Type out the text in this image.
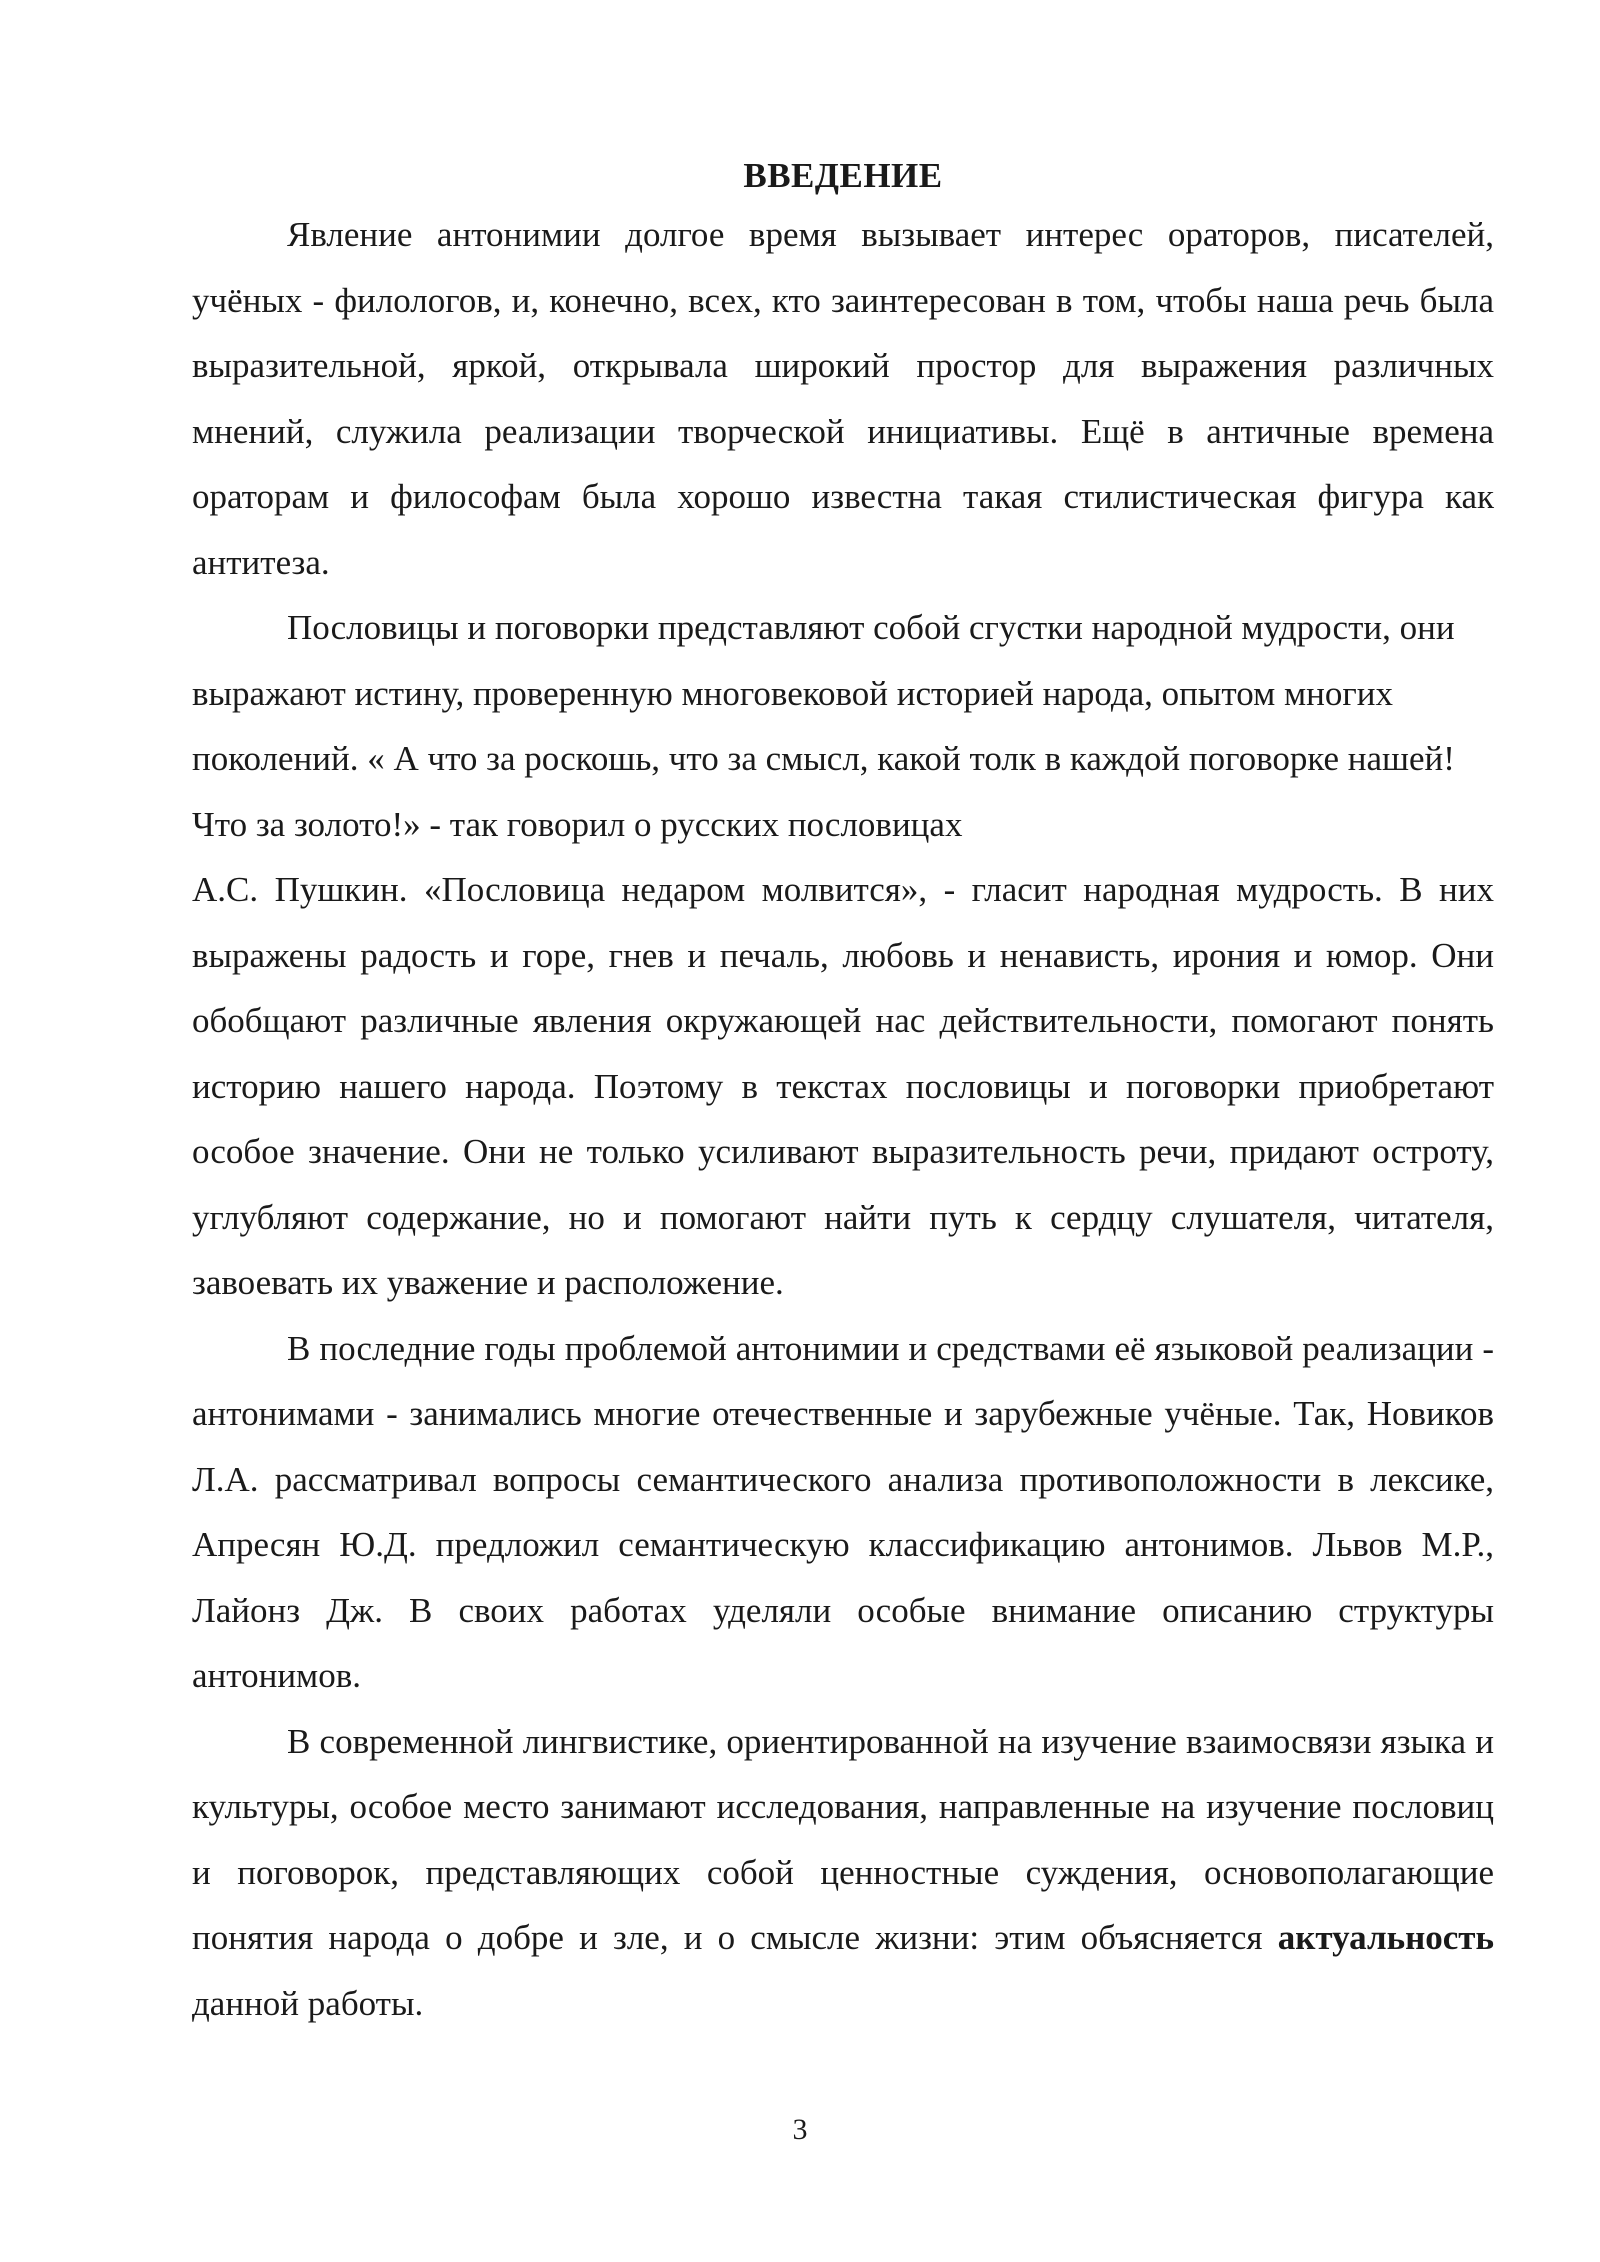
ВВЕДЕНИЕ

Явление антонимии долгое время вызывает интерес ораторов, писателей, учёных - филологов, и, конечно, всех, кто заинтересован в том, чтобы наша речь была выразительной, яркой, открывала широкий простор для выражения различных мнений, служила реализации творческой инициативы. Ещё в античные времена ораторам и философам была хорошо известна такая стилистическая фигура как антитеза.

Пословицы и поговорки представляют собой сгустки народной мудрости, они выражают истину, проверенную многовековой историей народа, опытом многих поколений. « А что за роскошь, что за смысл, какой толк в каждой поговорке нашей! Что за золото!» - так говорил о русских пословицах

А.С. Пушкин. «Пословица недаром молвится», - гласит народная мудрость. В них выражены радость и горе, гнев и печаль, любовь и ненависть, ирония и юмор. Они обобщают различные явления окружающей нас действительности, помогают понять историю нашего народа. Поэтому в текстах пословицы и поговорки приобретают особое значение. Они не только усиливают выразительность речи, придают остроту, углубляют содержание, но и помогают найти путь к сердцу слушателя, читателя, завоевать их уважение и расположение.

В последние годы проблемой антонимии и средствами её языковой реализации - антонимами - занимались многие отечественные и зарубежные учёные. Так, Новиков Л.А. рассматривал вопросы семантического анализа противоположности в лексике, Апресян Ю.Д. предложил семантическую классификацию антонимов. Львов М.Р., Лайонз Дж. В своих работах уделяли особые внимание описанию структуры антонимов.

В современной лингвистике, ориентированной на изучение взаимосвязи языка и культуры, особое место занимают исследования, направленные на изучение пословиц и поговорок, представляющих собой ценностные суждения, основополагающие понятия народа о добре и зле, и о смысле жизни: этим объясняется актуальность данной работы.

3
